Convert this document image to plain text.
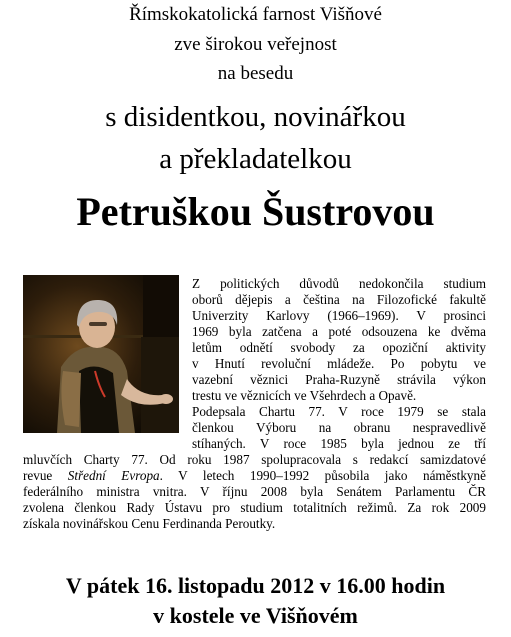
Římskokatolická farnost Višňové
zve širokou veřejnost
na besedu
s disidentkou, novinářkou
a překladatelkou
Petruškou Šustrovou
Z politických důvodů nedokončila studium
oborů dějepis a čeština na Filozofické fakultě
Univerzity Karlovy (1966–1969). V prosinci
1969 byla zatčena a poté odsouzena ke dvěma
letům odnětí svobody za opoziční aktivity
v Hnutí revoluční mládeže. Po pobytu ve
vazební věznici Praha-Ruzyně strávila výkon
trestu ve věznicích ve Všehrdech a Opavě.
Podepsala Chartu 77. V roce 1979 se stala
členkou Výboru na obranu nespravedlivě
stíhaných. V roce 1985 byla jednou ze tří
mluvčích Charty 77. Od roku 1987 spolupracovala s redakcí samizdatové
revue Střední Evropa. V letech 1990–1992 působila jako náměstkyně
federálního ministra vnitra. V říjnu 2008 byla Senátem Parlamentu ČR
zvolena členkou Rady Ústavu pro studium totalitních režimů. Za rok 2009
získala novinářskou Cenu Ferdinanda Peroutky.
V pátek 16. listopadu 2012 v 16.00 hodin
v kostele ve Višňovém
